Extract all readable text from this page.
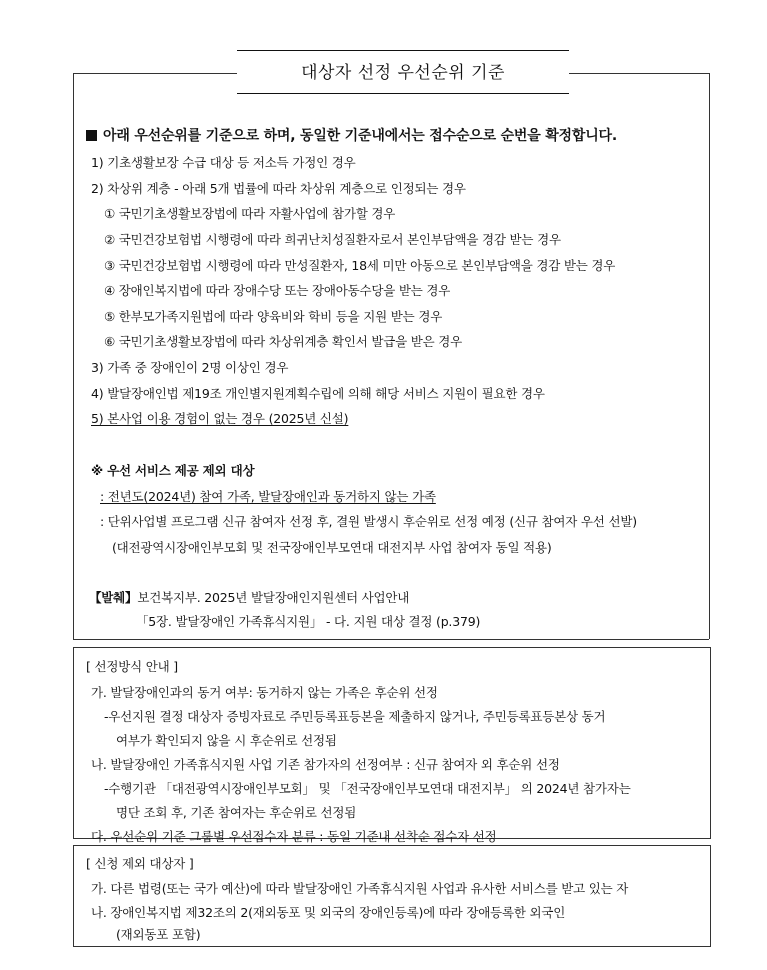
대상자 선정 우선순위 기준
아래 우선순위를 기준으로 하며, 동일한 기준내에서는 접수순으로 순번을 확정합니다.
1) 기초생활보장 수급 대상 등 저소득 가정인 경우
2) 차상위 계층 - 아래 5개 법률에 따라 차상위 계층으로 인정되는 경우
① 국민기초생활보장법에 따라 자활사업에 참가할 경우
② 국민건강보험법 시행령에 따라 희귀난치성질환자로서 본인부담액을 경감 받는 경우
③ 국민건강보험법 시행령에 따라 만성질환자, 18세 미만 아동으로 본인부담액을 경감 받는 경우
④ 장애인복지법에 따라 장애수당 또는 장애아동수당을 받는 경우
⑤ 한부모가족지원법에 따라 양육비와 학비 등을 지원 받는 경우
⑥ 국민기초생활보장법에 따라 차상위계층 확인서 발급을 받은 경우
3) 가족 중 장애인이 2명 이상인 경우
4) 발달장애인법 제19조 개인별지원계획수립에 의해 해당 서비스 지원이 필요한 경우
5) 본사업 이용 경험이 없는 경우 (2025년 신설)
※ 우선 서비스 제공 제외 대상
: 전년도(2024년) 참여 가족, 발달장애인과 동거하지 않는 가족
: 단위사업별 프로그램 신규 참여자 선정 후, 결원 발생시 후순위로 선정 예정 (신규 참여자 우선 선발)
(대전광역시장애인부모회 및 전국장애인부모연대 대전지부 사업 참여자 동일 적용)
【발췌】보건복지부. 2025년 발달장애인지원센터 사업안내
「5장. 발달장애인 가족휴식지원」 - 다. 지원 대상 결정 (p.379)
[ 선정방식 안내 ]
가. 발달장애인과의 동거 여부: 동거하지 않는 가족은 후순위 선정
-우선지원 결정 대상자 증빙자료로 주민등록표등본을 제출하지 않거나, 주민등록표등본상 동거
여부가 확인되지 않을 시 후순위로 선정됨
나. 발달장애인 가족휴식지원 사업 기존 참가자의 선정여부 : 신규 참여자 외 후순위 선정
-수행기관 「대전광역시장애인부모회」 및 「전국장애인부모연대 대전지부」 의 2024년 참가자는
명단 조회 후, 기존 참여자는 후순위로 선정됨
다. 우선순위 기준 그룹별 우선접수자 분류 : 동일 기준내 선착순 접수자 선정
[ 신청 제외 대상자 ]
가. 다른 법령(또는 국가 예산)에 따라 발달장애인 가족휴식지원 사업과 유사한 서비스를 받고 있는 자
나. 장애인복지법 제32조의 2(재외동포 및 외국의 장애인등록)에 따라 장애등록한 외국인
(재외동포 포함)
